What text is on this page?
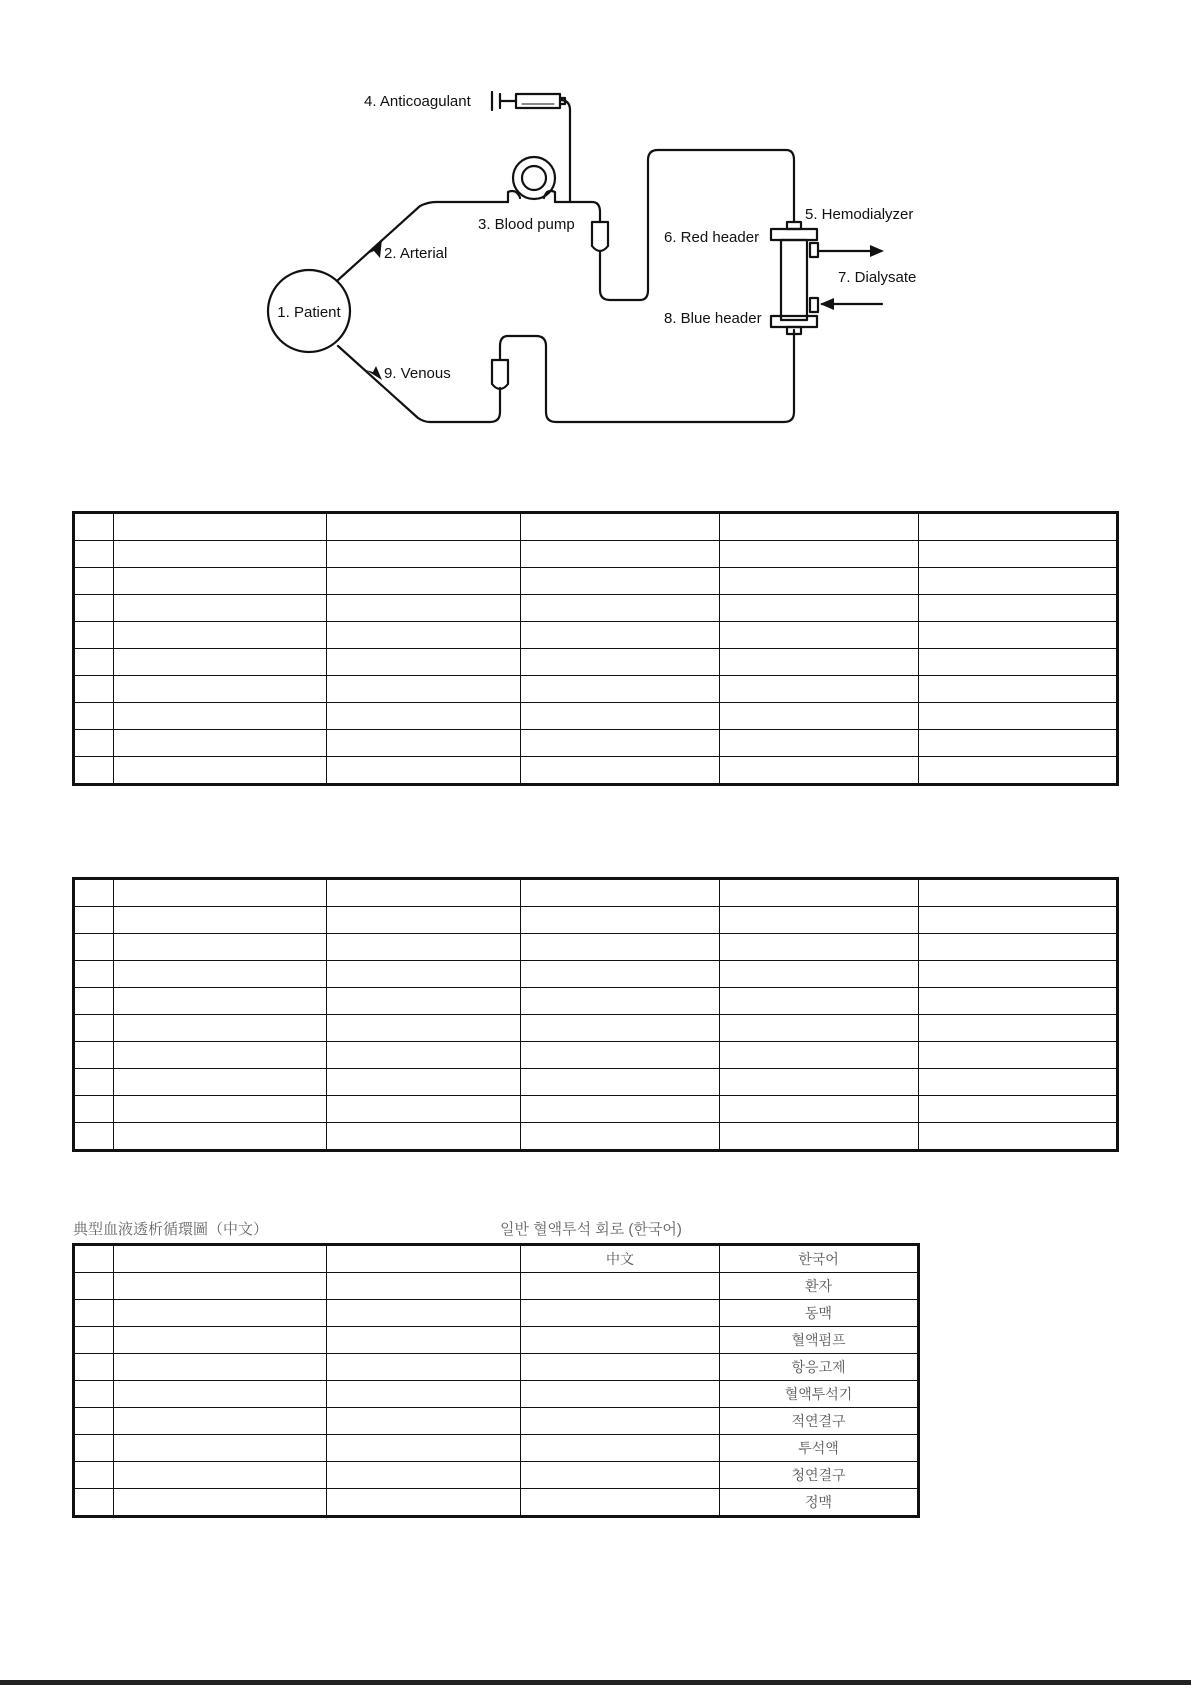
1. Patient
2. Arterial
3. Blood pump
4. Anticoagulant
5. Hemodialyzer
6. Red header
7. Dialysate
8. Blue header
9. Venous

典型血液透析循環圖（中文）	일반 혈액투석 회로 (한국어)
			中文	한국어
				환자
				동맥
				혈액펌프
				항응고제
				혈액투석기
				적연결구
				투석액
				청연결구
				정맥
